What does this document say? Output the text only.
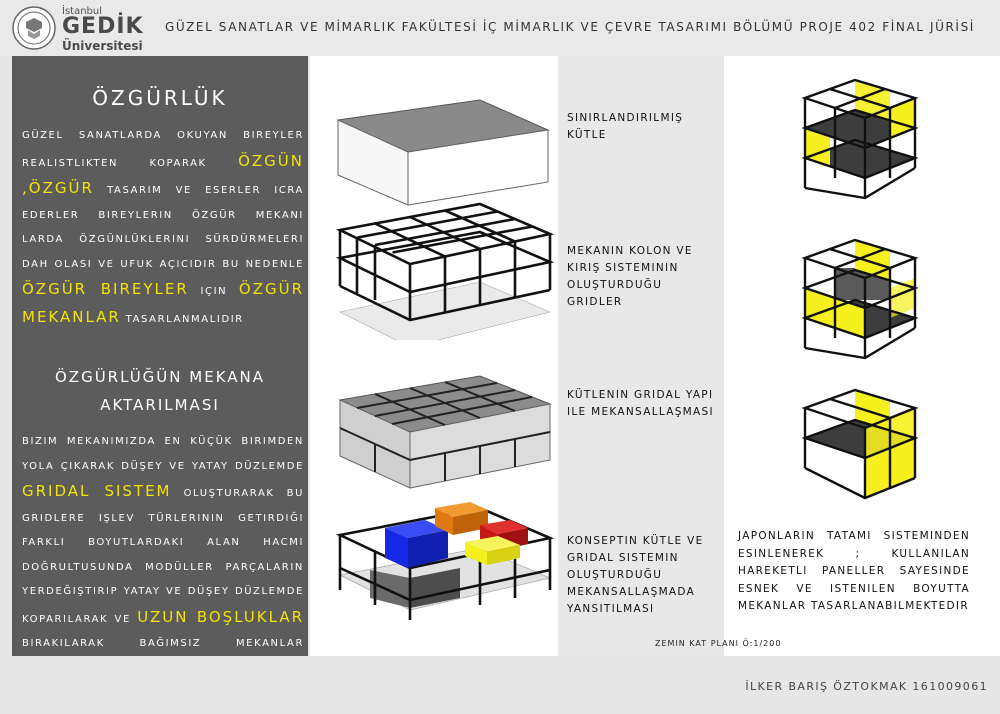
İstanbul
GEDİK
Üniversitesi
GÜZEL SANATLAR VE MİMARLIK FAKÜLTESİ İÇ MİMARLIK VE ÇEVRE TASARIMI BÖLÜMÜ PROJE 402 FİNAL JÜRİSİ
ÖZGÜRLÜK
GÜZEL SANATLARDA OKUYAN BIREYLER REALISTLIKTEN KOPARAK ÖZGÜN ,ÖZGÜR TASARIM VE ESERLER ICRA EDERLER BIREYLERIN ÖZGÜR MEKANI LARDA ÖZGÜNLÜKLERINI SÜRDÜRMELERI DAH OLASI VE UFUK AÇICIDIR BU NEDENLE ÖZGÜR BIREYLER IÇIN ÖZGÜR MEKANLAR TASARLANMALIDIR
ÖZGÜRLÜĞÜN MEKANA
AKTARILMASI
BIZIM MEKANIMIZDA EN KÜÇÜK BIRIMDEN YOLA ÇIKARAK DÜŞEY VE YATAY DÜZLEMDE GRIDAL SISTEM OLUŞTURARAK BU GRIDLERE IŞLEV TÜRLERININ GETIRDIĞI FARKLI BOYUTLARDAKI ALAN HACMI DOĞRULTUSUNDA MODÜLLER PARÇALARIN YERDEĞIŞTIRIP YATAY VE DÜŞEY DÜZLEMDE KOPARILARAK VE UZUN BOŞLUKLAR BIRAKILARAK BAĞIMSIZ MEKANLAR
SINIRLANDIRILMIŞ KÜTLE
MEKANIN KOLON VE KIRIŞ SISTEMININ OLUŞTURDUĞU GRIDLER
KÜTLENIN GRIDAL YAPI ILE MEKANSALLAŞMASI
KONSEPTIN KÜTLE VE GRIDAL SISTEMIN OLUŞTURDUĞU MEKANSALLAŞMADA YANSITILMASI
JAPONLARIN TATAMI SISTEMINDEN ESINLENEREK ; KULLANILAN HAREKETLI PANELLER SAYESINDE ESNEK VE ISTENILEN BOYUTTA MEKANLAR TASARLANABILMEKTEDIR
ZEMIN KAT PLANI Ö:1/200
İLKER BARIŞ ÖZTOKMAK 161009061
